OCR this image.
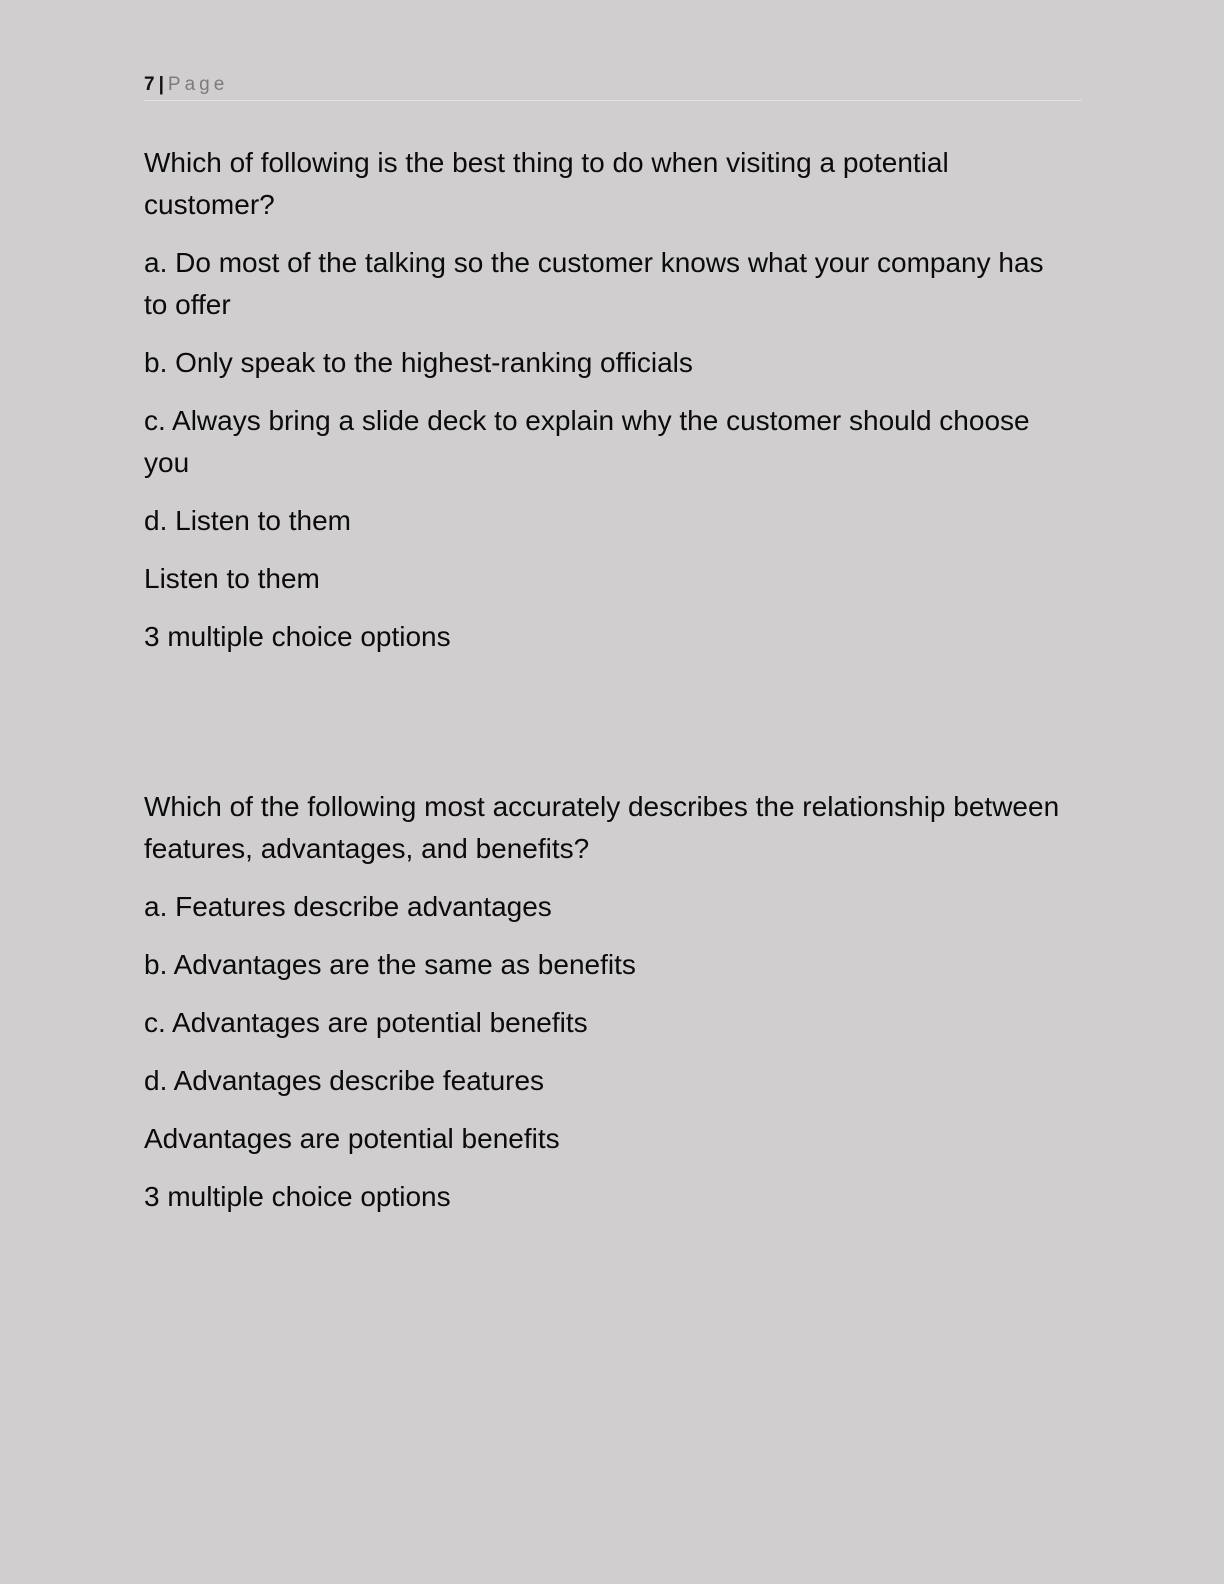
7 | Page

Which of following is the best thing to do when visiting a potential customer?

a. Do most of the talking so the customer knows what your company has to offer

b. Only speak to the highest-ranking officials

c. Always bring a slide deck to explain why the customer should choose you

d. Listen to them

Listen to them

3 multiple choice options

Which of the following most accurately describes the relationship between features, advantages, and benefits?

a. Features describe advantages

b. Advantages are the same as benefits

c. Advantages are potential benefits

d. Advantages describe features

Advantages are potential benefits

3 multiple choice options
